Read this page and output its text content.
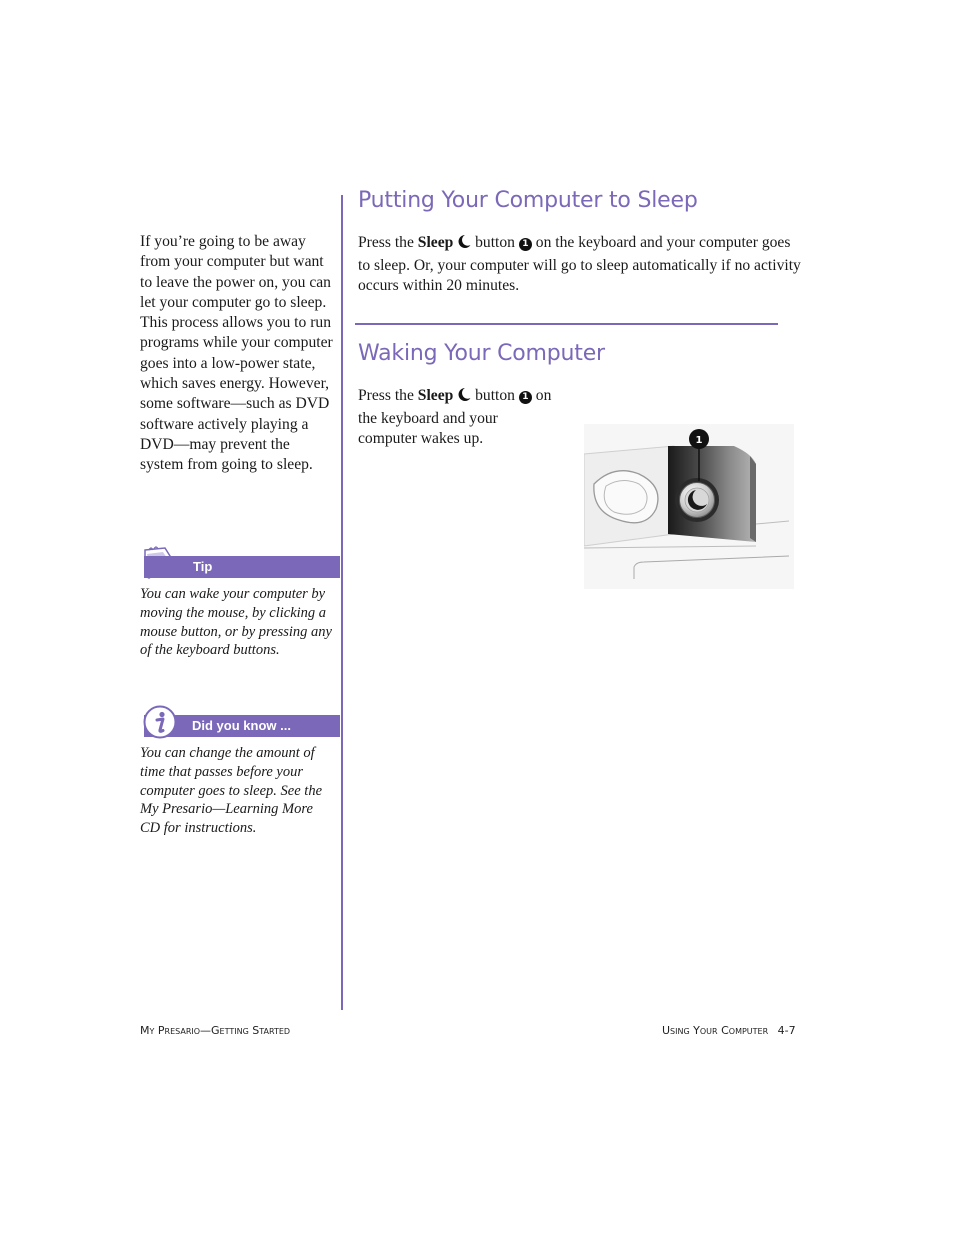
If you’re going to be away from your computer but want to leave the power on, you can let your computer go to sleep. This process allows you to run programs while your computer goes into a low-power state, which saves energy. However, some software—such as DVD software actively playing a DVD—may prevent the system from going to sleep.
Tip
You can wake your computer by moving the mouse, by clicking a mouse button, or by pressing any of the keyboard buttons.
Did you know ...
You can change the amount of time that passes before your computer goes to sleep. See the My Presario—Learning More CD for instructions.
Putting Your Computer to Sleep
Press the Sleep  button 1 on the keyboard and your computer goes to sleep. Or, your computer will go to sleep automatically if no activity occurs within 20 minutes.
Waking Your Computer
Press the Sleep  button 1 on the keyboard and your computer wakes up.	1
My Presario—Getting Started	Using Your Computer 4-7
